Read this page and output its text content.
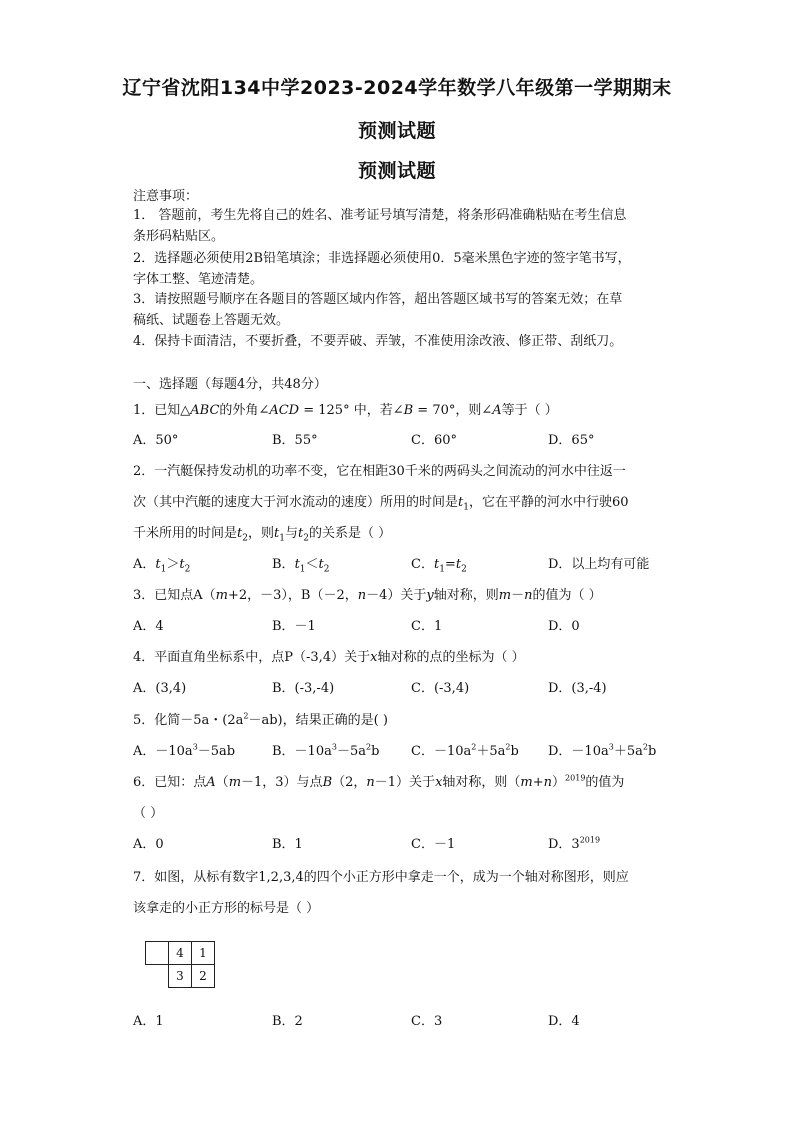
辽宁省沈阳134中学2023-2024学年数学八年级第一学期期末
预测试题
预测试题
注意事项：
1． 答题前，考生先将自己的姓名、准考证号填写清楚，将条形码准确粘贴在考生信息
条形码粘贴区。
2．选择题必须使用2B铅笔填涂；非选择题必须使用0．5毫米黑色字迹的签字笔书写，
字体工整、笔迹清楚。
3．请按照题号顺序在各题目的答题区域内作答，超出答题区域书写的答案无效；在草
稿纸、试题卷上答题无效。
4．保持卡面清洁，不要折叠，不要弄破、弄皱，不准使用涂改液、修正带、刮纸刀。
一、选择题（每题4分，共48分）
1．已知△ABC的外角∠ACD = 125° 中，若∠B = 70°，则∠A等于（ ）
A．50°	B．55°	C．60°	D．65°
2．一汽艇保持发动机的功率不变，它在相距30千米的两码头之间流动的河水中往返一
次（其中汽艇的速度大于河水流动的速度）所用的时间是$t_1$，它在平静的河水中行驶60
千米所用的时间是$t_2$，则$t_1$与$t_2$的关系是（ ）
A．$t_1>t_2$	B．$t_1<t_2$	C．$t_1=t_2$	D．以上均有可能
3．已知点A（m+2，－3），B（－2，n－4）关于y轴对称，则m－n的值为（ ）
A．4	B．－1	C．1	D．0
4．平面直角坐标系中，点P（-3,4）关于x轴对称的点的坐标为（ ）
A．(3,4)	B．(-3,-4)	C．(-3,4)	D．(3,-4)
5．化简－5a・$(2a^2-ab)$，结果正确的是( )
A．$-10a^3-5ab$	B．$-10a^3-5a^2b$ C．$-10a^2+5a^2b$ D．$-10a^3+5a^2b$
6．已知：点A（m－1，3）与点B（2，n－1）关于x轴对称，则$(m+n)^{2019}$的值为
（ ）
A．0	B．1	C．－1	D．$3^{2019}$
7．如图，从标有数字1,2,3,4的四个小正方形中拿走一个，成为一个轴对称图形，则应
该拿走的小正方形的标号是（ ）
4	1
3	2
A．1	B．2	C．3	D．4
